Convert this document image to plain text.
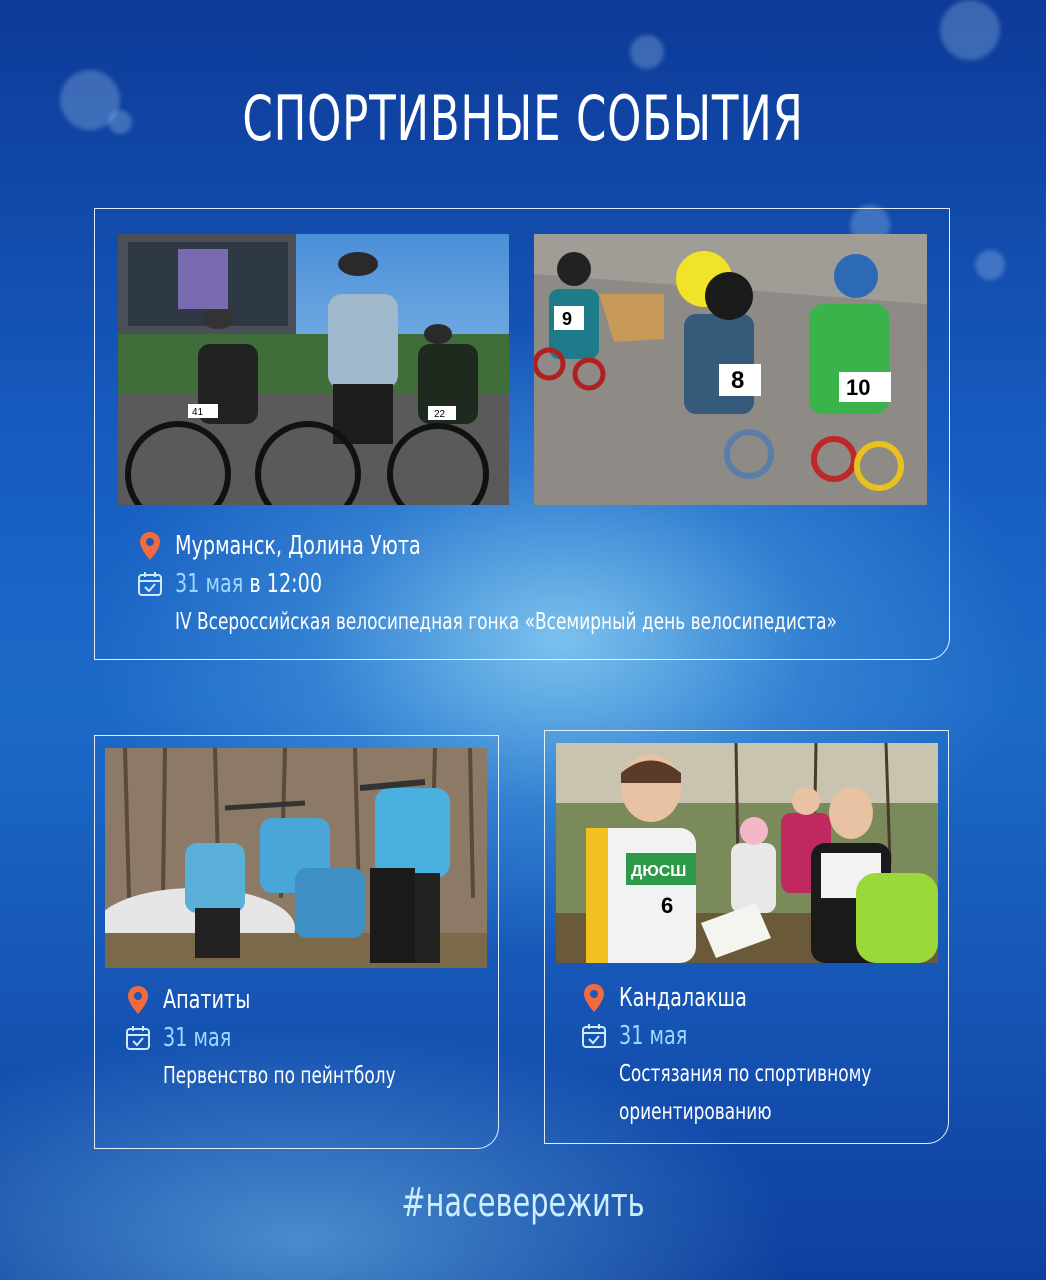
СПОРТИВНЫЕ СОБЫТИЯ
41	22
9
8	10
Мурманск, Долина Уюта
31 мая в 12:00
IV Всероссийская велосипедная гонка «Всемирный день велосипедиста»
Апатиты
31 мая
Первенство по пейнтболу
ДЮСШ
6
Кандалакша
31 мая
Состязания по спортивному
ориентированию
#насевережить
